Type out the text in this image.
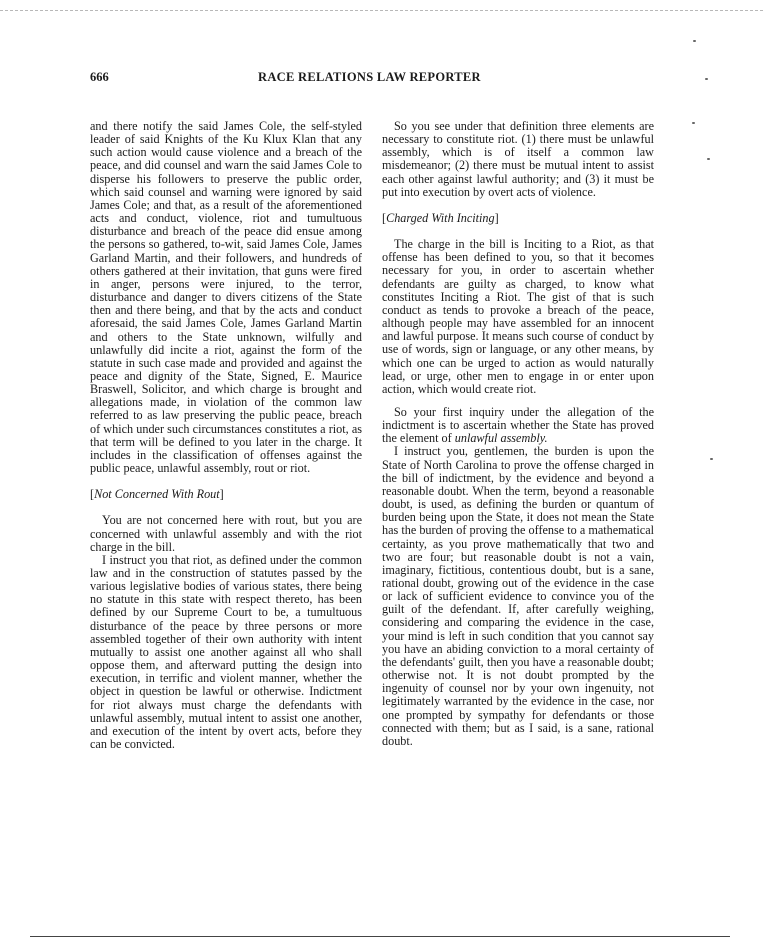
666	RACE RELATIONS LAW REPORTER

and there notify the said James Cole, the self-styled leader of said Knights of the Ku Klux Klan that any such action would cause violence and a breach of the peace, and did counsel and warn the said James Cole to disperse his followers to preserve the public order, which said counsel and warning were ignored by said James Cole; and that, as a result of the aforementioned acts and conduct, violence, riot and tumultuous disturbance and breach of the peace did ensue among the persons so gathered, to-wit, said James Cole, James Garland Martin, and their followers, and hundreds of others gathered at their invitation, that guns were fired in anger, persons were injured, to the terror, disturbance and danger to divers citizens of the State then and there being, and that by the acts and conduct aforesaid, the said James Cole, James Garland Martin and others to the State unknown, wilfully and unlawfully did incite a riot, against the form of the statute in such case made and provided and against the peace and dignity of the State, Signed, E. Maurice Braswell, Solicitor, and which charge is brought and allegations made, in violation of the common law referred to as law preserving the public peace, breach of which under such circumstances constitutes a riot, as that term will be defined to you later in the charge. It includes in the classification of offenses against the public peace, unlawful assembly, rout or riot.

[Not Concerned With Rout]

You are not concerned here with rout, but you are concerned with unlawful assembly and with the riot charge in the bill.

I instruct you that riot, as defined under the common law and in the construction of statutes passed by the various legislative bodies of various states, there being no statute in this state with respect thereto, has been defined by our Supreme Court to be, a tumultuous disturbance of the peace by three persons or more assembled together of their own authority with intent mutually to assist one another against all who shall oppose them, and afterward putting the design into execution, in terrific and violent manner, whether the object in question be lawful or otherwise. Indictment for riot always must charge the defendants with unlawful assembly, mutual intent to assist one another, and execution of the intent by overt acts, before they can be convicted.

So you see under that definition three elements are necessary to constitute riot. (1) there must be unlawful assembly, which is of itself a common law misdemeanor; (2) there must be mutual intent to assist each other against lawful authority; and (3) it must be put into execution by overt acts of violence.

[Charged With Inciting]

The charge in the bill is Inciting to a Riot, as that offense has been defined to you, so that it becomes necessary for you, in order to ascertain whether defendants are guilty as charged, to know what constitutes Inciting a Riot. The gist of that is such conduct as tends to provoke a breach of the peace, although people may have assembled for an innocent and lawful purpose. It means such course of conduct by use of words, sign or language, or any other means, by which one can be urged to action as would naturally lead, or urge, other men to engage in or enter upon action, which would create riot.

So your first inquiry under the allegation of the indictment is to ascertain whether the State has proved the element of unlawful assembly.

I instruct you, gentlemen, the burden is upon the State of North Carolina to prove the offense charged in the bill of indictment, by the evidence and beyond a reasonable doubt. When the term, beyond a reasonable doubt, is used, as defining the burden or quantum of burden being upon the State, it does not mean the State has the burden of proving the offense to a mathematical certainty, as you prove mathematically that two and two are four; but reasonable doubt is not a vain, imaginary, fictitious, contentious doubt, but is a sane, rational doubt, growing out of the evidence in the case or lack of sufficient evidence to convince you of the guilt of the defendant. If, after carefully weighing, considering and comparing the evidence in the case, your mind is left in such condition that you cannot say you have an abiding conviction to a moral certainty of the defendants' guilt, then you have a reasonable doubt; otherwise not. It is not doubt prompted by the ingenuity of counsel nor by your own ingenuity, not legitimately warranted by the evidence in the case, nor one prompted by sympathy for defendants or those connected with them; but as I said, is a sane, rational doubt.
